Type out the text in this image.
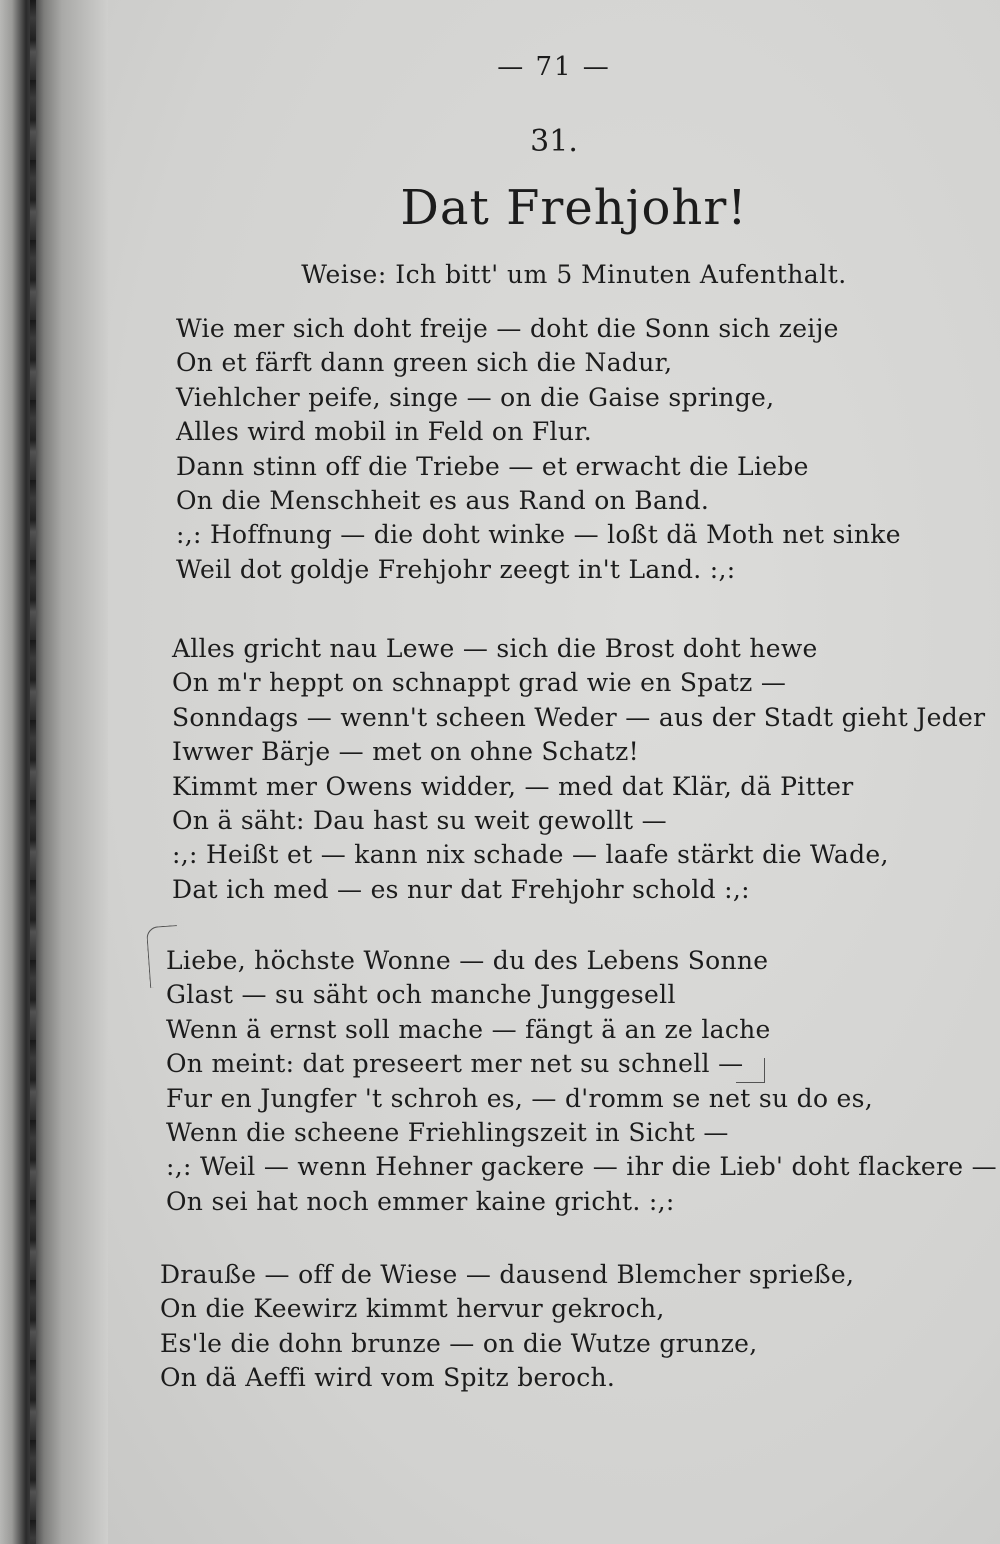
— 71 —
31.
Dat Frehjohr!
Weise: Ich bitt' um 5 Minuten Aufenthalt.
Wie mer sich doht freije — doht die Sonn sich zeije
On et färft dann green sich die Nadur,
Viehlcher peife, singe — on die Gaise springe,
Alles wird mobil in Feld on Flur.
Dann stinn off die Triebe — et erwacht die Liebe
On die Menschheit es aus Rand on Band.
:,: Hoffnung — die doht winke — loßt dä Moth net sinke
Weil dot goldje Frehjohr zeegt in't Land. :,:
Alles gricht nau Lewe — sich die Brost doht hewe
On m'r heppt on schnappt grad wie en Spatz —
Sonndags — wenn't scheen Weder — aus der Stadt gieht Jeder
Iwwer Bärje — met on ohne Schatz!
Kimmt mer Owens widder, — med dat Klär, dä Pitter
On ä säht: Dau hast su weit gewollt —
:,: Heißt et — kann nix schade — laafe stärkt die Wade,
Dat ich med — es nur dat Frehjohr schold :,:
Liebe, höchste Wonne — du des Lebens Sonne
Glast — su säht och manche Junggesell
Wenn ä ernst soll mache — fängt ä an ze lache
On meint: dat preseert mer net su schnell —
Fur en Jungfer 't schroh es, — d'romm se net su do es,
Wenn die scheene Friehlingszeit in Sicht —
:,: Weil — wenn Hehner gackere — ihr die Lieb' doht flackere —
On sei hat noch emmer kaine gricht. :,:
Drauße — off de Wiese — dausend Blemcher sprieße,
On die Keewirz kimmt hervur gekroch,
Es'le die dohn brunze — on die Wutze grunze,
On dä Aeffi wird vom Spitz beroch.
